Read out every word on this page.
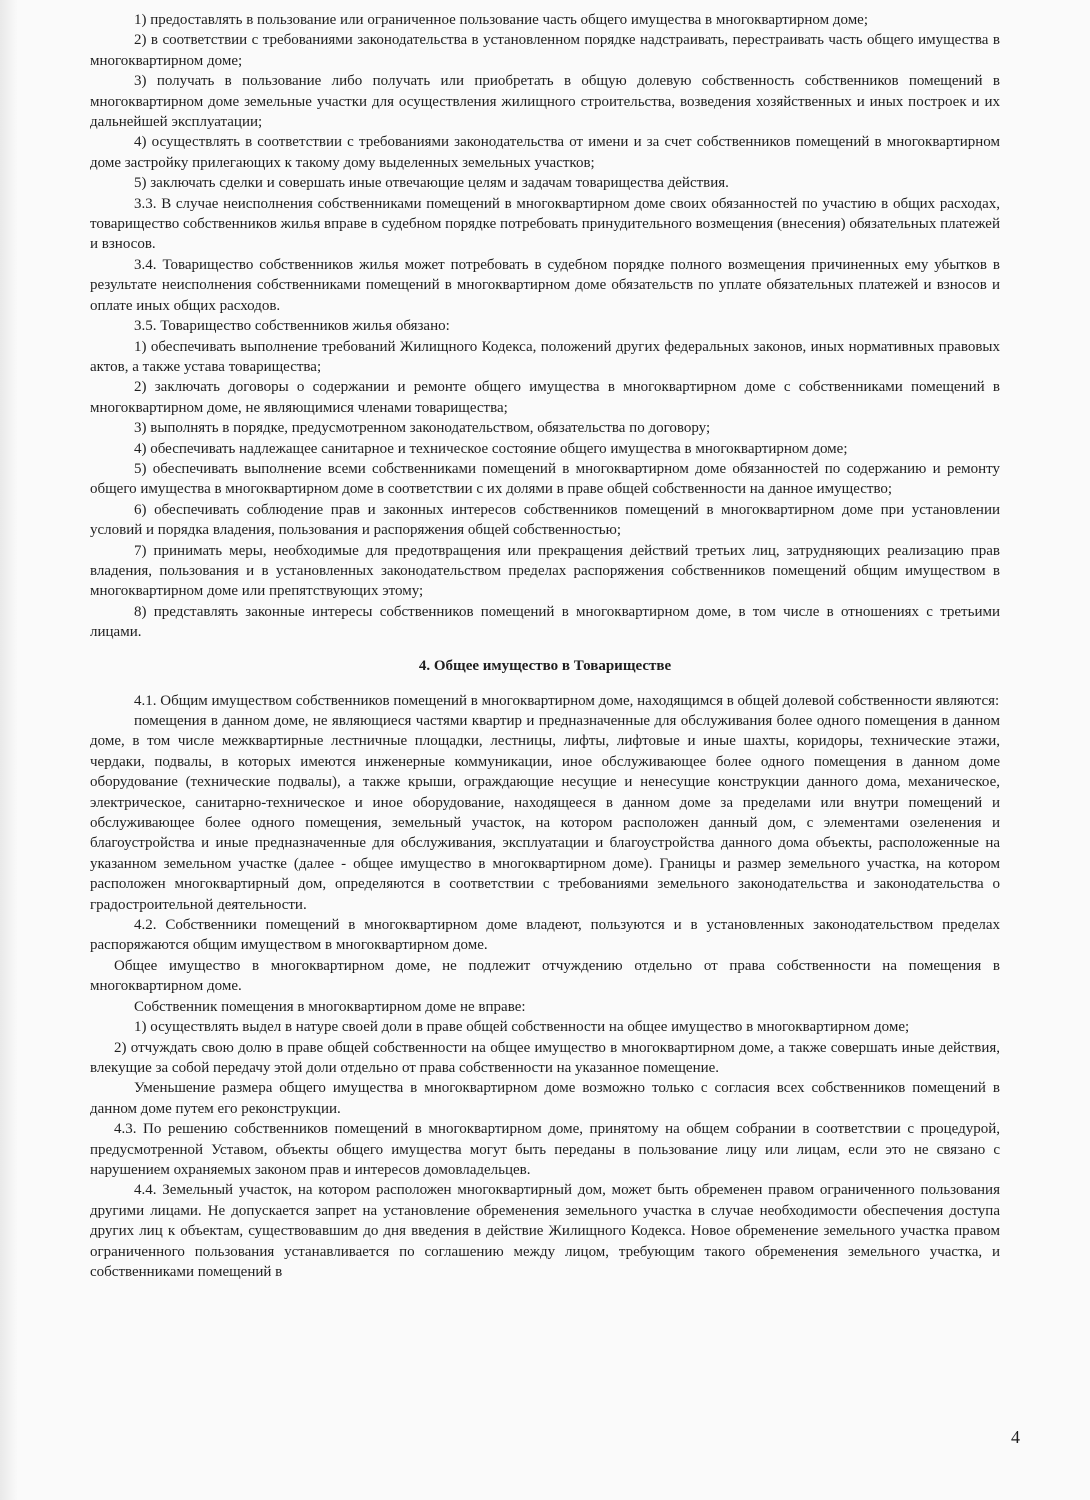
1) предоставлять в пользование или ограниченное пользование часть общего имущества в многоквартирном доме;

2) в соответствии с требованиями законодательства в установленном порядке надстраивать, перестраивать часть общего имущества в многоквартирном доме;

3) получать в пользование либо получать или приобретать в общую долевую собственность собственников помещений в многоквартирном доме земельные участки для осуществления жилищного строительства, возведения хозяйственных и иных построек и их дальнейшей эксплуатации;

4) осуществлять в соответствии с требованиями законодательства от имени и за счет собственников помещений в многоквартирном доме застройку прилегающих к такому дому выделенных земельных участков;

5) заключать сделки и совершать иные отвечающие целям и задачам товарищества действия.

3.3. В случае неисполнения собственниками помещений в многоквартирном доме своих обязанностей по участию в общих расходах, товарищество собственников жилья вправе в судебном порядке потребовать принудительного возмещения (внесения) обязательных платежей и взносов.

3.4. Товарищество собственников жилья может потребовать в судебном порядке полного возмещения причиненных ему убытков в результате неисполнения собственниками помещений в многоквартирном доме обязательств по уплате обязательных платежей и взносов и оплате иных общих расходов.

3.5. Товарищество собственников жилья обязано:

1) обеспечивать выполнение требований Жилищного Кодекса, положений других федеральных законов, иных нормативных правовых актов, а также устава товарищества;

2) заключать договоры о содержании и ремонте общего имущества в многоквартирном доме с собственниками помещений в многоквартирном доме, не являющимися членами товарищества;

3) выполнять в порядке, предусмотренном законодательством, обязательства по договору;

4) обеспечивать надлежащее санитарное и техническое состояние общего имущества в многоквартирном доме;

5) обеспечивать выполнение всеми собственниками помещений в многоквартирном доме обязанностей по содержанию и ремонту общего имущества в многоквартирном доме в соответствии с их долями в праве общей собственности на данное имущество;

6) обеспечивать соблюдение прав и законных интересов собственников помещений в многоквартирном доме при установлении условий и порядка владения, пользования и распоряжения общей собственностью;

7) принимать меры, необходимые для предотвращения или прекращения действий третьих лиц, затрудняющих реализацию прав владения, пользования и в установленных законодательством пределах распоряжения собственников помещений общим имуществом в многоквартирном доме или препятствующих этому;

8) представлять законные интересы собственников помещений в многоквартирном доме, в том числе в отношениях с третьими лицами.

4. Общее имущество в Товариществе

4.1. Общим имуществом собственников помещений в многоквартирном доме, находящимся в общей долевой собственности являются:

помещения в данном доме, не являющиеся частями квартир и предназначенные для обслуживания более одного помещения в данном доме, в том числе межквартирные лестничные площадки, лестницы, лифты, лифтовые и иные шахты, коридоры, технические этажи, чердаки, подвалы, в которых имеются инженерные коммуникации, иное обслуживающее более одного помещения в данном доме оборудование (технические подвалы), а также крыши, ограждающие несущие и ненесущие конструкции данного дома, механическое, электрическое, санитарно-техническое и иное оборудование, находящееся в данном доме за пределами или внутри помещений и обслуживающее более одного помещения, земельный участок, на котором расположен данный дом, с элементами озеленения и благоустройства и иные предназначенные для обслуживания, эксплуатации и благоустройства данного дома объекты, расположенные на указанном земельном участке (далее - общее имущество в многоквартирном доме). Границы и размер земельного участка, на котором расположен многоквартирный дом, определяются в соответствии с требованиями земельного законодательства и законодательства о градостроительной деятельности.

4.2. Собственники помещений в многоквартирном доме владеют, пользуются и в установленных законодательством пределах распоряжаются общим имуществом в многоквартирном доме.

Общее имущество в многоквартирном доме, не подлежит отчуждению отдельно от права собственности на помещения в многоквартирном доме.

Собственник помещения в многоквартирном доме не вправе:

1) осуществлять выдел в натуре своей доли в праве общей собственности на общее имущество в многоквартирном доме;

2) отчуждать свою долю в праве общей собственности на общее имущество в многоквартирном доме, а также совершать иные действия, влекущие за собой передачу этой доли отдельно от права собственности на указанное помещение.

Уменьшение размера общего имущества в многоквартирном доме возможно только с согласия всех собственников помещений в данном доме путем его реконструкции.

4.3. По решению собственников помещений в многоквартирном доме, принятому на общем собрании в соответствии с процедурой, предусмотренной Уставом, объекты общего имущества могут быть переданы в пользование лицу или лицам, если это не связано с нарушением охраняемых законом прав и интересов домовладельцев.

4.4. Земельный участок, на котором расположен многоквартирный дом, может быть обременен правом ограниченного пользования другими лицами. Не допускается запрет на установление обременения земельного участка в случае необходимости обеспечения доступа других лиц к объектам, существовавшим до дня введения в действие Жилищного Кодекса. Новое обременение земельного участка правом ограниченного пользования устанавливается по соглашению между лицом, требующим такого обременения земельного участка, и собственниками помещений в

4
